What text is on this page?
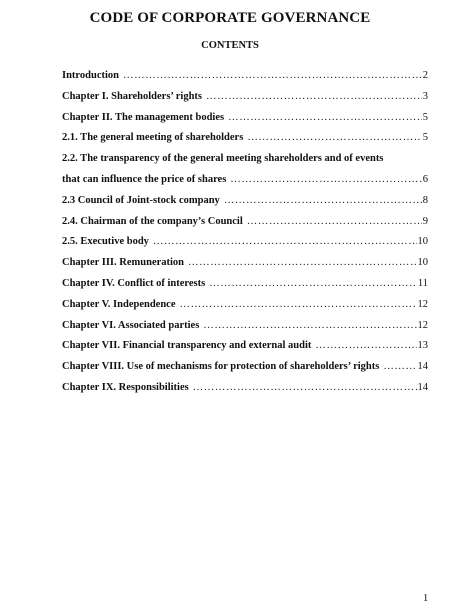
CODE OF CORPORATE GOVERNANCE
CONTENTS
Introduction …………………………………………………………………………………………………………………………………………………………	2
Chapter I. Shareholders’ rights …………………………………………………………………………………………………………………………………………………………	3
Chapter II. The management bodies …………………………………………………………………………………………………………………………………………………………	5
2.1. The general meeting of shareholders …………………………………………………………………………………………………………………………………………………………	5
2.2. The transparency of the general meeting shareholders and of events
that can influence the price of shares …………………………………………………………………………………………………………………………………………………………	6
2.3 Council of Joint-stock company …………………………………………………………………………………………………………………………………………………………	8
2.4. Chairman of the company’s Council …………………………………………………………………………………………………………………………………………………………	9
2.5. Executive body …………………………………………………………………………………………………………………………………………………………	10
Chapter III. Remuneration …………………………………………………………………………………………………………………………………………………………	10
Chapter IV. Conflict of interests …………………………………………………………………………………………………………………………………………………………	11
Chapter V. Independence …………………………………………………………………………………………………………………………………………………………	12
Chapter VI. Associated parties …………………………………………………………………………………………………………………………………………………………	12
Chapter VII. Financial transparency and external audit …………………………………………………………………………………………………………………………………………………………	13
Chapter VIII. Use of mechanisms for protection of shareholders’ rights …………………………………………………………………………………………………………………………………………………………	14
Chapter IX. Responsibilities …………………………………………………………………………………………………………………………………………………………	14
1
